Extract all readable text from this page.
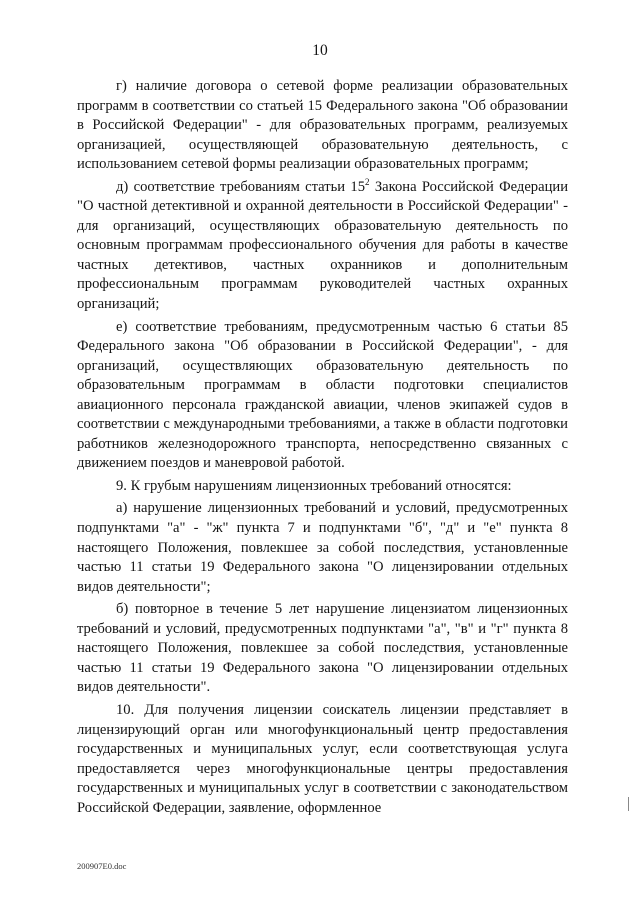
10

г) наличие договора о сетевой форме реализации образовательных программ в соответствии со статьей 15 Федерального закона "Об образовании в Российской Федерации" - для образовательных программ, реализуемых организацией, осуществляющей образовательную деятельность, с использованием сетевой формы реализации образовательных программ;

д) соответствие требованиям статьи $15^2$ Закона Российской Федерации "О частной детективной и охранной деятельности в Российской Федерации" - для организаций, осуществляющих образовательную деятельность по основным программам профессионального обучения для работы в качестве частных детективов, частных охранников и дополнительным профессиональным программам руководителей частных охранных организаций;

е) соответствие требованиям, предусмотренным частью 6 статьи 85 Федерального закона "Об образовании в Российской Федерации", - для организаций, осуществляющих образовательную деятельность по образовательным программам в области подготовки специалистов авиационного персонала гражданской авиации, членов экипажей судов в соответствии с международными требованиями, а также в области подготовки работников железнодорожного транспорта, непосредственно связанных с движением поездов и маневровой работой.

9. К грубым нарушениям лицензионных требований относятся:

а) нарушение лицензионных требований и условий, предусмотренных подпунктами "а" - "ж" пункта 7 и подпунктами "б", "д" и "е" пункта 8 настоящего Положения, повлекшее за собой последствия, установленные частью 11 статьи 19 Федерального закона "О лицензировании отдельных видов деятельности";

б) повторное в течение 5 лет нарушение лицензиатом лицензионных требований и условий, предусмотренных подпунктами "а", "в" и "г" пункта 8 настоящего Положения, повлекшее за собой последствия, установленные частью 11 статьи 19 Федерального закона "О лицензировании отдельных видов деятельности".

10. Для получения лицензии соискатель лицензии представляет в лицензирующий орган или многофункциональный центр предоставления государственных и муниципальных услуг, если соответствующая услуга предоставляется через многофункциональные центры предоставления государственных и муниципальных услуг в соответствии с законодательством Российской Федерации, заявление, оформленное

200907E0.doc
